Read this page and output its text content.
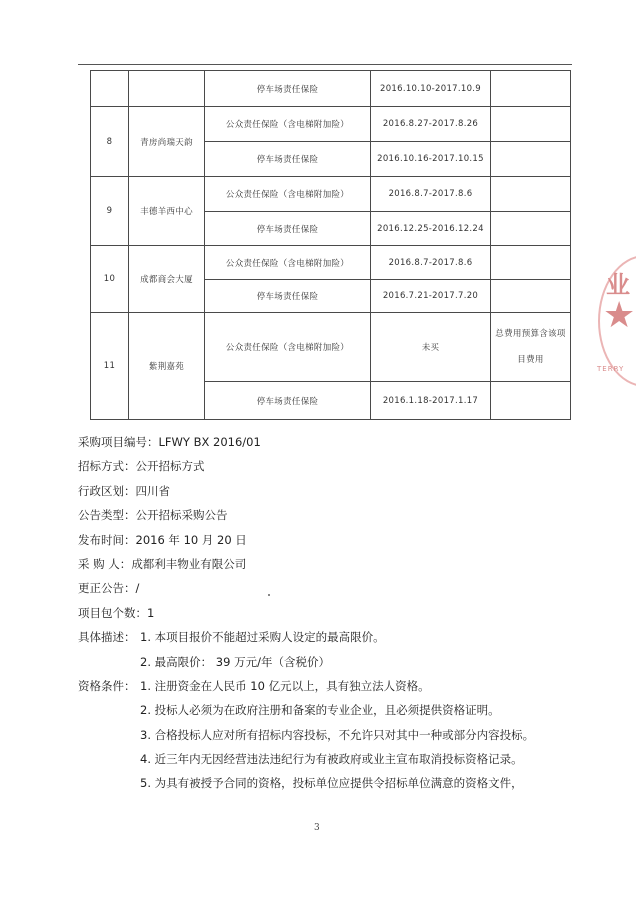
		停车场责任保险	2016.10.10-2017.10.9	
8	青房尚瑞天韵	公众责任保险（含电梯附加险）	2016.8.27-2017.8.26	
		停车场责任保险	2016.10.16-2017.10.15	
9	丰德羊西中心	公众责任保险（含电梯附加险）	2016.8.7-2017.8.6	
		停车场责任保险	2016.12.25-2016.12.24	
10	成都商会大厦	公众责任保险（含电梯附加险）	2016.8.7-2017.8.6	
		停车场责任保险	2016.7.21-2017.7.20	
11	紫荆嘉苑	公众责任保险（含电梯附加险）	未买	总费用预算含该项目费用
		停车场责任保险	2016.1.18-2017.1.17	
采购项目编号：LFWY BX 2016/01
招标方式：公开招标方式
行政区划：四川省
公告类型：公开招标采购公告
发布时间：2016 年 10 月 20 日
采 购 人：成都利丰物业有限公司
更正公告：/
项目包个数：1
具体描述： 1. 本项目报价不能超过采购人设定的最高限价。
2. 最高限价： 39 万元/年（含税价）
资格条件： 1. 注册资金在人民币 10 亿元以上，具有独立法人资格。
2. 投标人必须为在政府注册和备案的专业企业，且必须提供资格证明。
3. 合格投标人应对所有招标内容投标，不允许只对其中一种或部分内容投标。
4. 近三年内无因经营违法违纪行为有被政府或业主宣布取消投标资格记录。
5. 为具有被授予合同的资格，投标单位应提供令招标单位满意的资格文件，
业
★
TERRY
3
